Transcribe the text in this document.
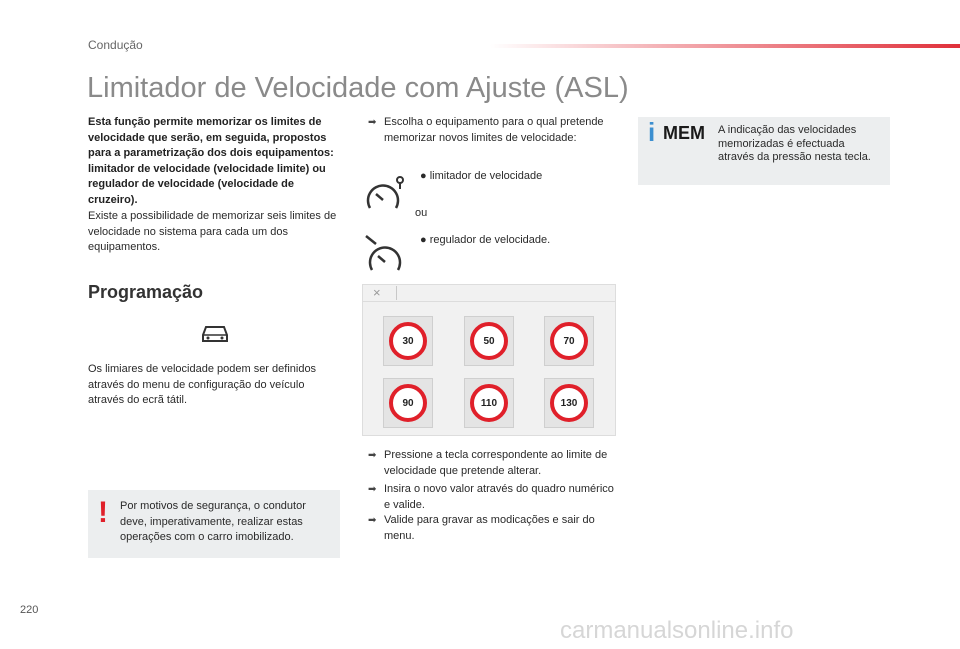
Condução
Limitador de Velocidade com Ajuste (ASL)
Esta função permite memorizar os limites de velocidade que serão, em seguida, propostos para a parametrização dos dois equipamentos: limitador de velocidade (velocidade limite) ou regulador de velocidade (velocidade de cruzeiro).
Existe a possibilidade de memorizar seis limites de velocidade no sistema para cada um dos equipamentos.
Programação
Os limiares de velocidade podem ser definidos através do menu de configuração do veículo através do ecrã tátil.
! Por motivos de segurança, o condutor deve, imperativamente, realizar estas operações com o carro imobilizado.
➡ Escolha o equipamento para o qual pretende memorizar novos limites de velocidade:
● limitador de velocidade
ou
● regulador de velocidade.
×
30	50	70
90	110	130
➡ Pressione a tecla correspondente ao limite de velocidade que pretende alterar.
➡ Insira o novo valor através do quadro numérico e valide.
➡ Valide para gravar as modicações e sair do menu.
i MEM A indicação das velocidades memorizadas é efectuada através da pressão nesta tecla.
220
carmanualsonline.info
